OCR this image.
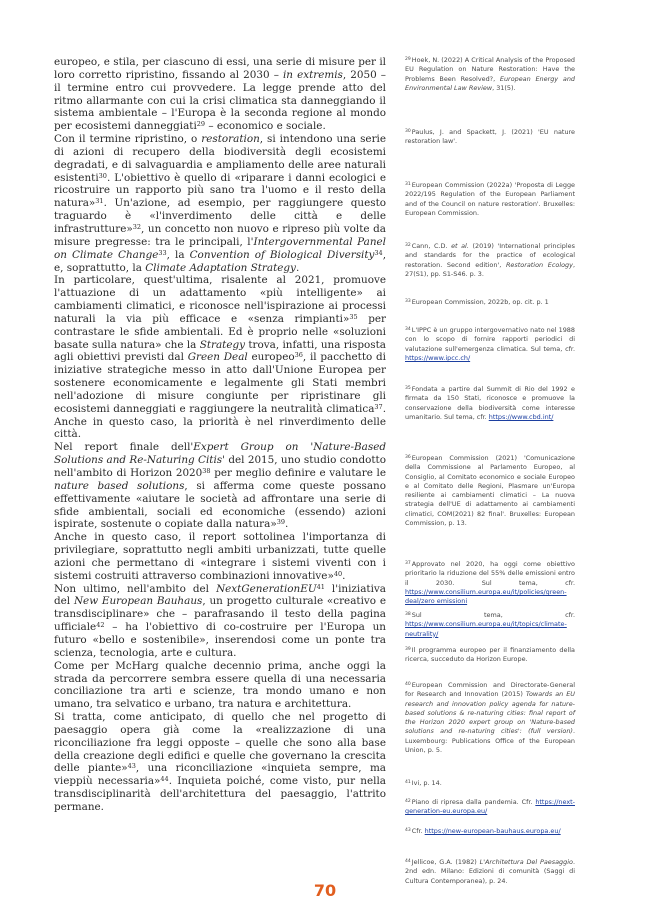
europeo, e stila, per ciascuno di essi, una serie di misure per il loro corretto ripristino, fissando al 2030 – in extremis, 2050 – il termine entro cui provvedere. La legge prende atto del ritmo allarmante con cui la crisi climatica sta danneggiando il sistema ambientale – l'Europa è la seconda regione al mondo per ecosistemi danneggiati$^{29}$ – economico e sociale.

Con il termine ripristino, o restoration, si intendono una serie di azioni di recupero della biodiversità degli ecosistemi degradati, e di salvaguardia e ampliamento delle aree naturali esistenti$^{30}$. L'obiettivo è quello di «riparare i danni ecologici e ricostruire un rapporto più sano tra l'uomo e il resto della natura»$^{31}$. Un'azione, ad esempio, per raggiungere questo traguardo è «l'inverdimento delle città e delle infrastrutture»$^{32}$, un concetto non nuovo e ripreso più volte da misure pregresse: tra le principali, l'Intergovernmental Panel on Climate Change$^{33}$, la Convention of Biological Diversity$^{34}$, e, soprattutto, la Climate Adaptation Strategy.

In particolare, quest'ultima, risalente al 2021, promuove l'attuazione di un adattamento «più intelligente» ai cambiamenti climatici, e riconosce nell'ispirazione ai processi naturali la via più efficace e «senza rimpianti»$^{35}$ per contrastare le sfide ambientali. Ed è proprio nelle «soluzioni basate sulla natura» che la Strategy trova, infatti, una risposta agli obiettivi previsti dal Green Deal europeo$^{36}$, il pacchetto di iniziative strategiche messo in atto dall'Unione Europea per sostenere economicamente e legalmente gli Stati membri nell'adozione di misure congiunte per ripristinare gli ecosistemi danneggiati e raggiungere la neutralità climatica$^{37}$. Anche in questo caso, la priorità è nel rinverdimento delle città.

Nel report finale dell'Expert Group on 'Nature-Based Solutions and Re-Naturing Citis' del 2015, uno studio condotto nell'ambito di Horizon 2020$^{38}$ per meglio definire e valutare le nature based solutions, si afferma come queste possano effettivamente «aiutare le società ad affrontare una serie di sfide ambientali, sociali ed economiche (essendo) azioni ispirate, sostenute o copiate dalla natura»$^{39}$.

Anche in questo caso, il report sottolinea l'importanza di privilegiare, soprattutto negli ambiti urbanizzati, tutte quelle azioni che permettano di «integrare i sistemi viventi con i sistemi costruiti attraverso combinazioni innovative»$^{40}$.

Non ultimo, nell'ambito del NextGenerationEU$^{41}$ l'iniziativa del New European Bauhaus, un progetto culturale «creativo e transdisciplinare» che – parafrasando il testo della pagina ufficiale$^{42}$ – ha l'obiettivo di co-costruire per l'Europa un futuro «bello e sostenibile», inserendosi come un ponte tra scienza, tecnologia, arte e cultura.

Come per McHarg qualche decennio prima, anche oggi la strada da percorrere sembra essere quella di una necessaria conciliazione tra arti e scienze, tra mondo umano e non umano, tra selvatico e urbano, tra natura e architettura.

Si tratta, come anticipato, di quello che nel progetto di paesaggio opera già come la «realizzazione di una riconciliazione fra leggi opposte – quelle che sono alla base della creazione degli edifici e quelle che governano la crescita delle piante»$^{43}$, una riconciliazione «inquieta sempre, ma vieppiù necessaria»$^{44}$. Inquieta poiché, come visto, pur nella transdisciplinarità dell'architettura del paesaggio, l'attrito permane.

$^{29}$Hoek, N. (2022) A Critical Analysis of the Proposed EU Regulation on Nature Restoration: Have the Problems Been Resolved?, European Energy and Environmental Law Review, 31(5).

$^{30}$Paulus, J. and Spackett, J. (2021) 'EU nature restoration law'.

$^{31}$European Commission (2022a) 'Proposta di Legge 2022/195 Regulation of the European Parliament and of the Council on nature restoration'. Bruxelles: European Commission.

$^{32}$Cann, C.D. et al. (2019) 'International principles and standards for the practice of ecological restoration. Second edition', Restoration Ecology, 27(S1), pp. S1-S46. p. 3.

$^{33}$European Commission, 2022b, op. cit. p. 1

$^{34}$L'IPPC è un gruppo intergovernativo nato nel 1988 con lo scopo di fornire rapporti periodici di valutazione sull'emergenza climatica. Sul tema, cfr. https://www.ipcc.ch/

$^{35}$Fondata a partire dal Summit di Rio del 1992 e firmata da 150 Stati, riconosce e promuove la conservazione della biodiversità come interesse umanitario. Sul tema, cfr. https://www.cbd.int/

$^{36}$European Commission (2021) 'Comunicazione della Commissione al Parlamento Europeo, al Consiglio, al Comitato economico e sociale Europeo e al Comitato delle Regioni, Plasmare un'Europa resiliente ai cambiamenti climatici – La nuova strategia dell'UE di adattamento ai cambiamenti climatici, COM(2021) 82 final'. Bruxelles: European Commission, p. 13.

$^{37}$Approvato nel 2020, ha oggi come obiettivo prioritario la riduzione del 55% delle emissioni entro il 2030. Sul tema, cfr. https://www.consilium.europa.eu/it/policies/green-deal/zero emissioni

$^{38}$Sul tema, cfr. https://www.consilium.europa.eu/it/topics/climate-neutrality/

$^{39}$Il programma europeo per il finanziamento della ricerca, succeduto da Horizon Europe.

$^{40}$European Commission and Directorate-General for Research and Innovation (2015) Towards an EU research and innovation policy agenda for nature-based solutions & re-naturing cities: final report of the Horizon 2020 expert group on 'Nature-based solutions and re-naturing cities': (full version). Luxembourg: Publications Office of the European Union, p. 5.

$^{41}$Ivi, p. 14.

$^{42}$Piano di ripresa dalla pandemia. Cfr. https://next-generation-eu.europa.eu/

$^{43}$Cfr. https://new-european-bauhaus.europa.eu/

$^{44}$Jellicoe, G.A. (1982) L'Architettura Del Paesaggio. 2nd edn. Milano: Edizioni di comunità (Saggi di Cultura Contemporanea), p. 24.

70
